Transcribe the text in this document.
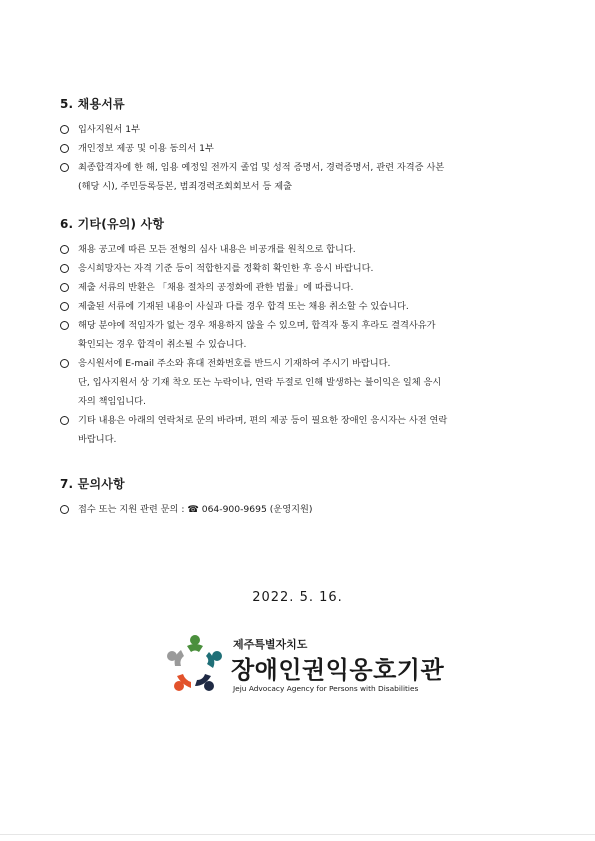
5. 채용서류
입사지원서 1부
개인정보 제공 및 이용 동의서 1부
최종합격자에 한 해, 임용 예정일 전까지 졸업 및 성적 증명서, 경력증명서, 관련 자격증 사본
(해당 시), 주민등록등본, 범죄경력조회회보서 등 제출
6. 기타(유의) 사항
채용 공고에 따른 모든 전형의 심사 내용은 비공개를 원칙으로 합니다.
응시희망자는 자격 기준 등이 적합한지를 정확히 확인한 후 응시 바랍니다.
제출 서류의 반환은 「채용 절차의 공정화에 관한 법률」에 따릅니다.
제출된 서류에 기재된 내용이 사실과 다를 경우 합격 또는 채용 취소할 수 있습니다.
해당 분야에 적임자가 없는 경우 채용하지 않을 수 있으며, 합격자 통지 후라도 결격사유가
확인되는 경우 합격이 취소될 수 있습니다.
응시원서에 E-mail 주소와 휴대 전화번호를 반드시 기재하여 주시기 바랍니다.
단, 입사지원서 상 기재 착오 또는 누락이나, 연락 두절로 인해 발생하는 불이익은 일체 응시
자의 책임입니다.
기타 내용은 아래의 연락처로 문의 바라며, 편의 제공 등이 필요한 장애인 응시자는 사전 연락
바랍니다.
7. 문의사항
접수 또는 지원 관련 문의 : ☎ 064-900-9695 (운영지원)
2022. 5. 16.
제주특별자치도
장애인권익옹호기관
Jeju Advocacy Agency for Persons with Disabilities
